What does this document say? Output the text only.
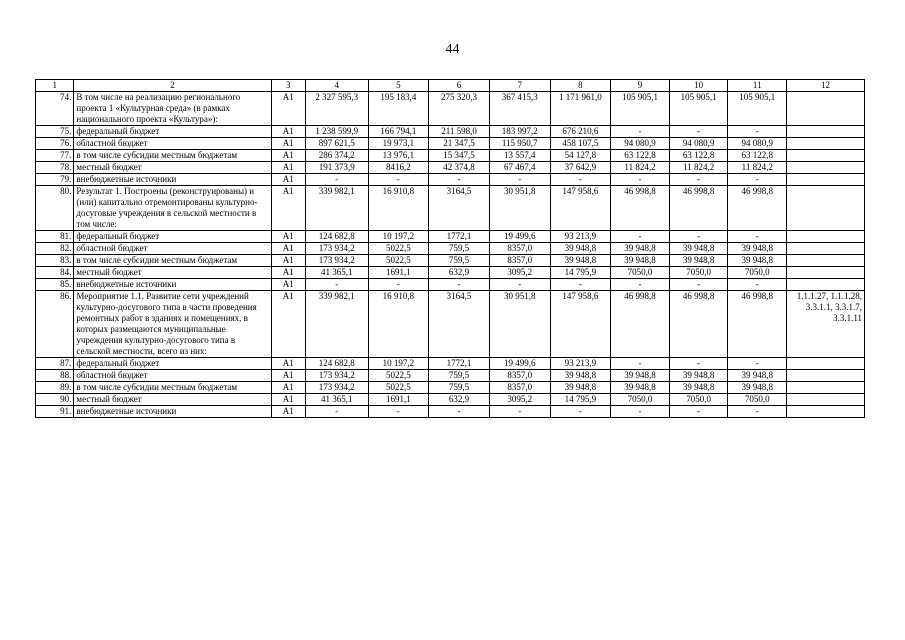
44
1	2	3	4	5	6	7	8	9	10	11	12
74.	В том числе на реализацию регионального проекта 1 «Культурная среда» (в рамках национального проекта «Культура»):	A1	2 327 595,3	195 183,4	275 320,3	367 415,3	1 171 961,0	105 905,1	105 905,1	105 905,1	
75.	федеральный бюджет	A1	1 238 599,9	166 794,1	211 598,0	183 997,2	676 210,6	-	-	-	
76.	областной бюджет	A1	897 621,5	19 973,1	21 347,5	115 950,7	458 107,5	94 080,9	94 080,9	94 080,9	
77.	в том числе субсидии местным бюджетам	A1	286 374,2	13 976,1	15 347,5	13 557,4	54 127,8	63 122,8	63 122,8	63 122,8	
78.	местный бюджет	A1	191 373,9	8416,2	42 374,8	67 467,4	37 642,9	11 824,2	11 824,2	11 824,2	
79.	внебюджетные источники	A1	-	-	-	-	-	-	-	-	
80.	Результат 1. Построены (реконструированы) и (или) капитально отремонтированы культурно-досуговые учреждения в сельской местности в том числе:	A1	339 982,1	16 910,8	3164,5	30 951,8	147 958,6	46 998,8	46 998,8	46 998,8	
81.	федеральный бюджет	A1	124 682,8	10 197,2	1772,1	19 499,6	93 213,9	-	-	-	
82.	областной бюджет	A1	173 934,2	5022,5	759,5	8357,0	39 948,8	39 948,8	39 948,8	39 948,8	
83.	в том числе субсидии местным бюджетам	A1	173 934,2	5022,5	759,5	8357,0	39 948,8	39 948,8	39 948,8	39 948,8	
84.	местный бюджет	A1	41 365,1	1691,1	632,9	3095,2	14 795,9	7050,0	7050,0	7050,0	
85.	внебюджетные источники	A1	-	-	-	-	-	-	-	-	
86.	Мероприятие 1.1. Развитие сети учреждений культурно-досугового типа в части проведения ремонтных работ в зданиях и помещениях, в которых размещаются муниципальные учреждения культурно-досугового типа в сельской местности, всего из них:	A1	339 982,1	16 910,8	3164,5	30 951,8	147 958,6	46 998,8	46 998,8	46 998,8	1.1.1.27, 1.1.1.28, 3.3.1.1, 3.3.1.7, 3.3.1.11
87.	федеральный бюджет	A1	124 682,8	10 197,2	1772,1	19 499,6	93 213,9	-	-	-	
88.	областной бюджет	A1	173 934,2	5022,5	759,5	8357,0	39 948,8	39 948,8	39 948,8	39 948,8	
89.	в том числе субсидии местным бюджетам	A1	173 934,2	5022,5	759,5	8357,0	39 948,8	39 948,8	39 948,8	39 948,8	
90.	местный бюджет	A1	41 365,1	1691,1	632,9	3095,2	14 795,9	7050,0	7050,0	7050,0	
91.	внебюджетные источники	A1	-	-	-	-	-	-	-	-	
